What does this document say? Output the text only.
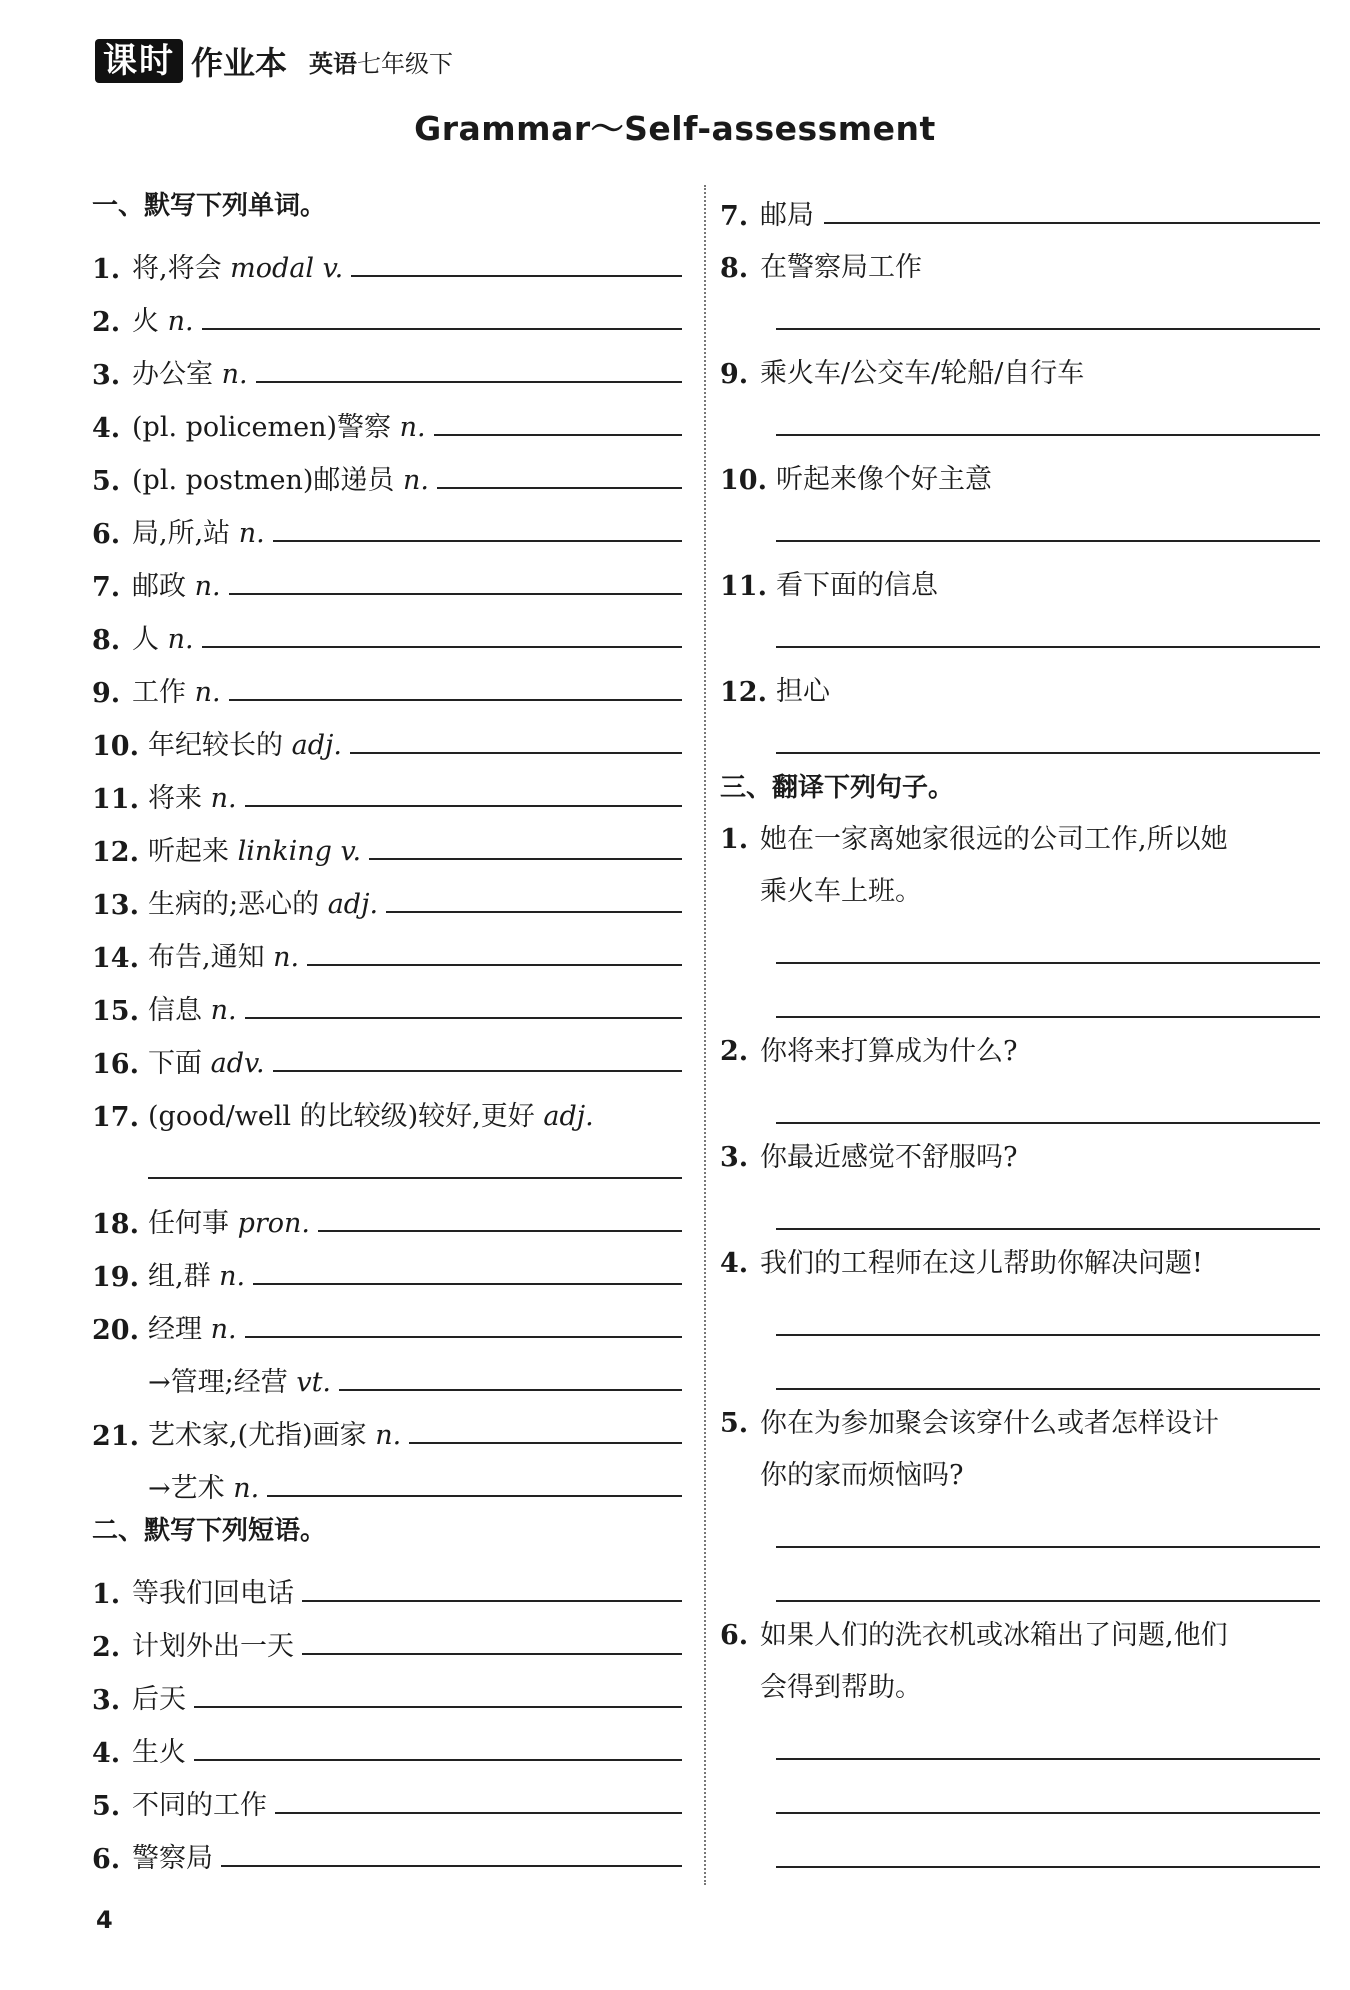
课时 作业本 英语七年级下
Grammar～Self-assessment
一、默写下列单词。
1. 将,将会 modal v.
2. 火 n.
3. 办公室 n.
4. (pl. policemen)警察 n.
5. (pl. postmen)邮递员 n.
6. 局,所,站 n.
7. 邮政 n.
8. 人 n.
9. 工作 n.
10. 年纪较长的 adj.
11. 将来 n.
12. 听起来 linking v.
13. 生病的;恶心的 adj.
14. 布告,通知 n.
15. 信息 n.
16. 下面 adv.
17. (good/well 的比较级)较好,更好 adj.
18. 任何事 pron.
19. 组,群 n.
20. 经理 n.
→管理;经营 vt.
21. 艺术家,(尤指)画家 n.
→艺术 n.
二、默写下列短语。
1. 等我们回电话
2. 计划外出一天
3. 后天
4. 生火
5. 不同的工作
6. 警察局
7. 邮局
8. 在警察局工作
9. 乘火车/公交车/轮船/自行车
10. 听起来像个好主意
11. 看下面的信息
12. 担心
三、翻译下列句子。
1. 她在一家离她家很远的公司工作,所以她
乘火车上班。
2. 你将来打算成为什么?
3. 你最近感觉不舒服吗?
4. 我们的工程师在这儿帮助你解决问题!
5. 你在为参加聚会该穿什么或者怎样设计
你的家而烦恼吗?
6. 如果人们的洗衣机或冰箱出了问题,他们
会得到帮助。
4
